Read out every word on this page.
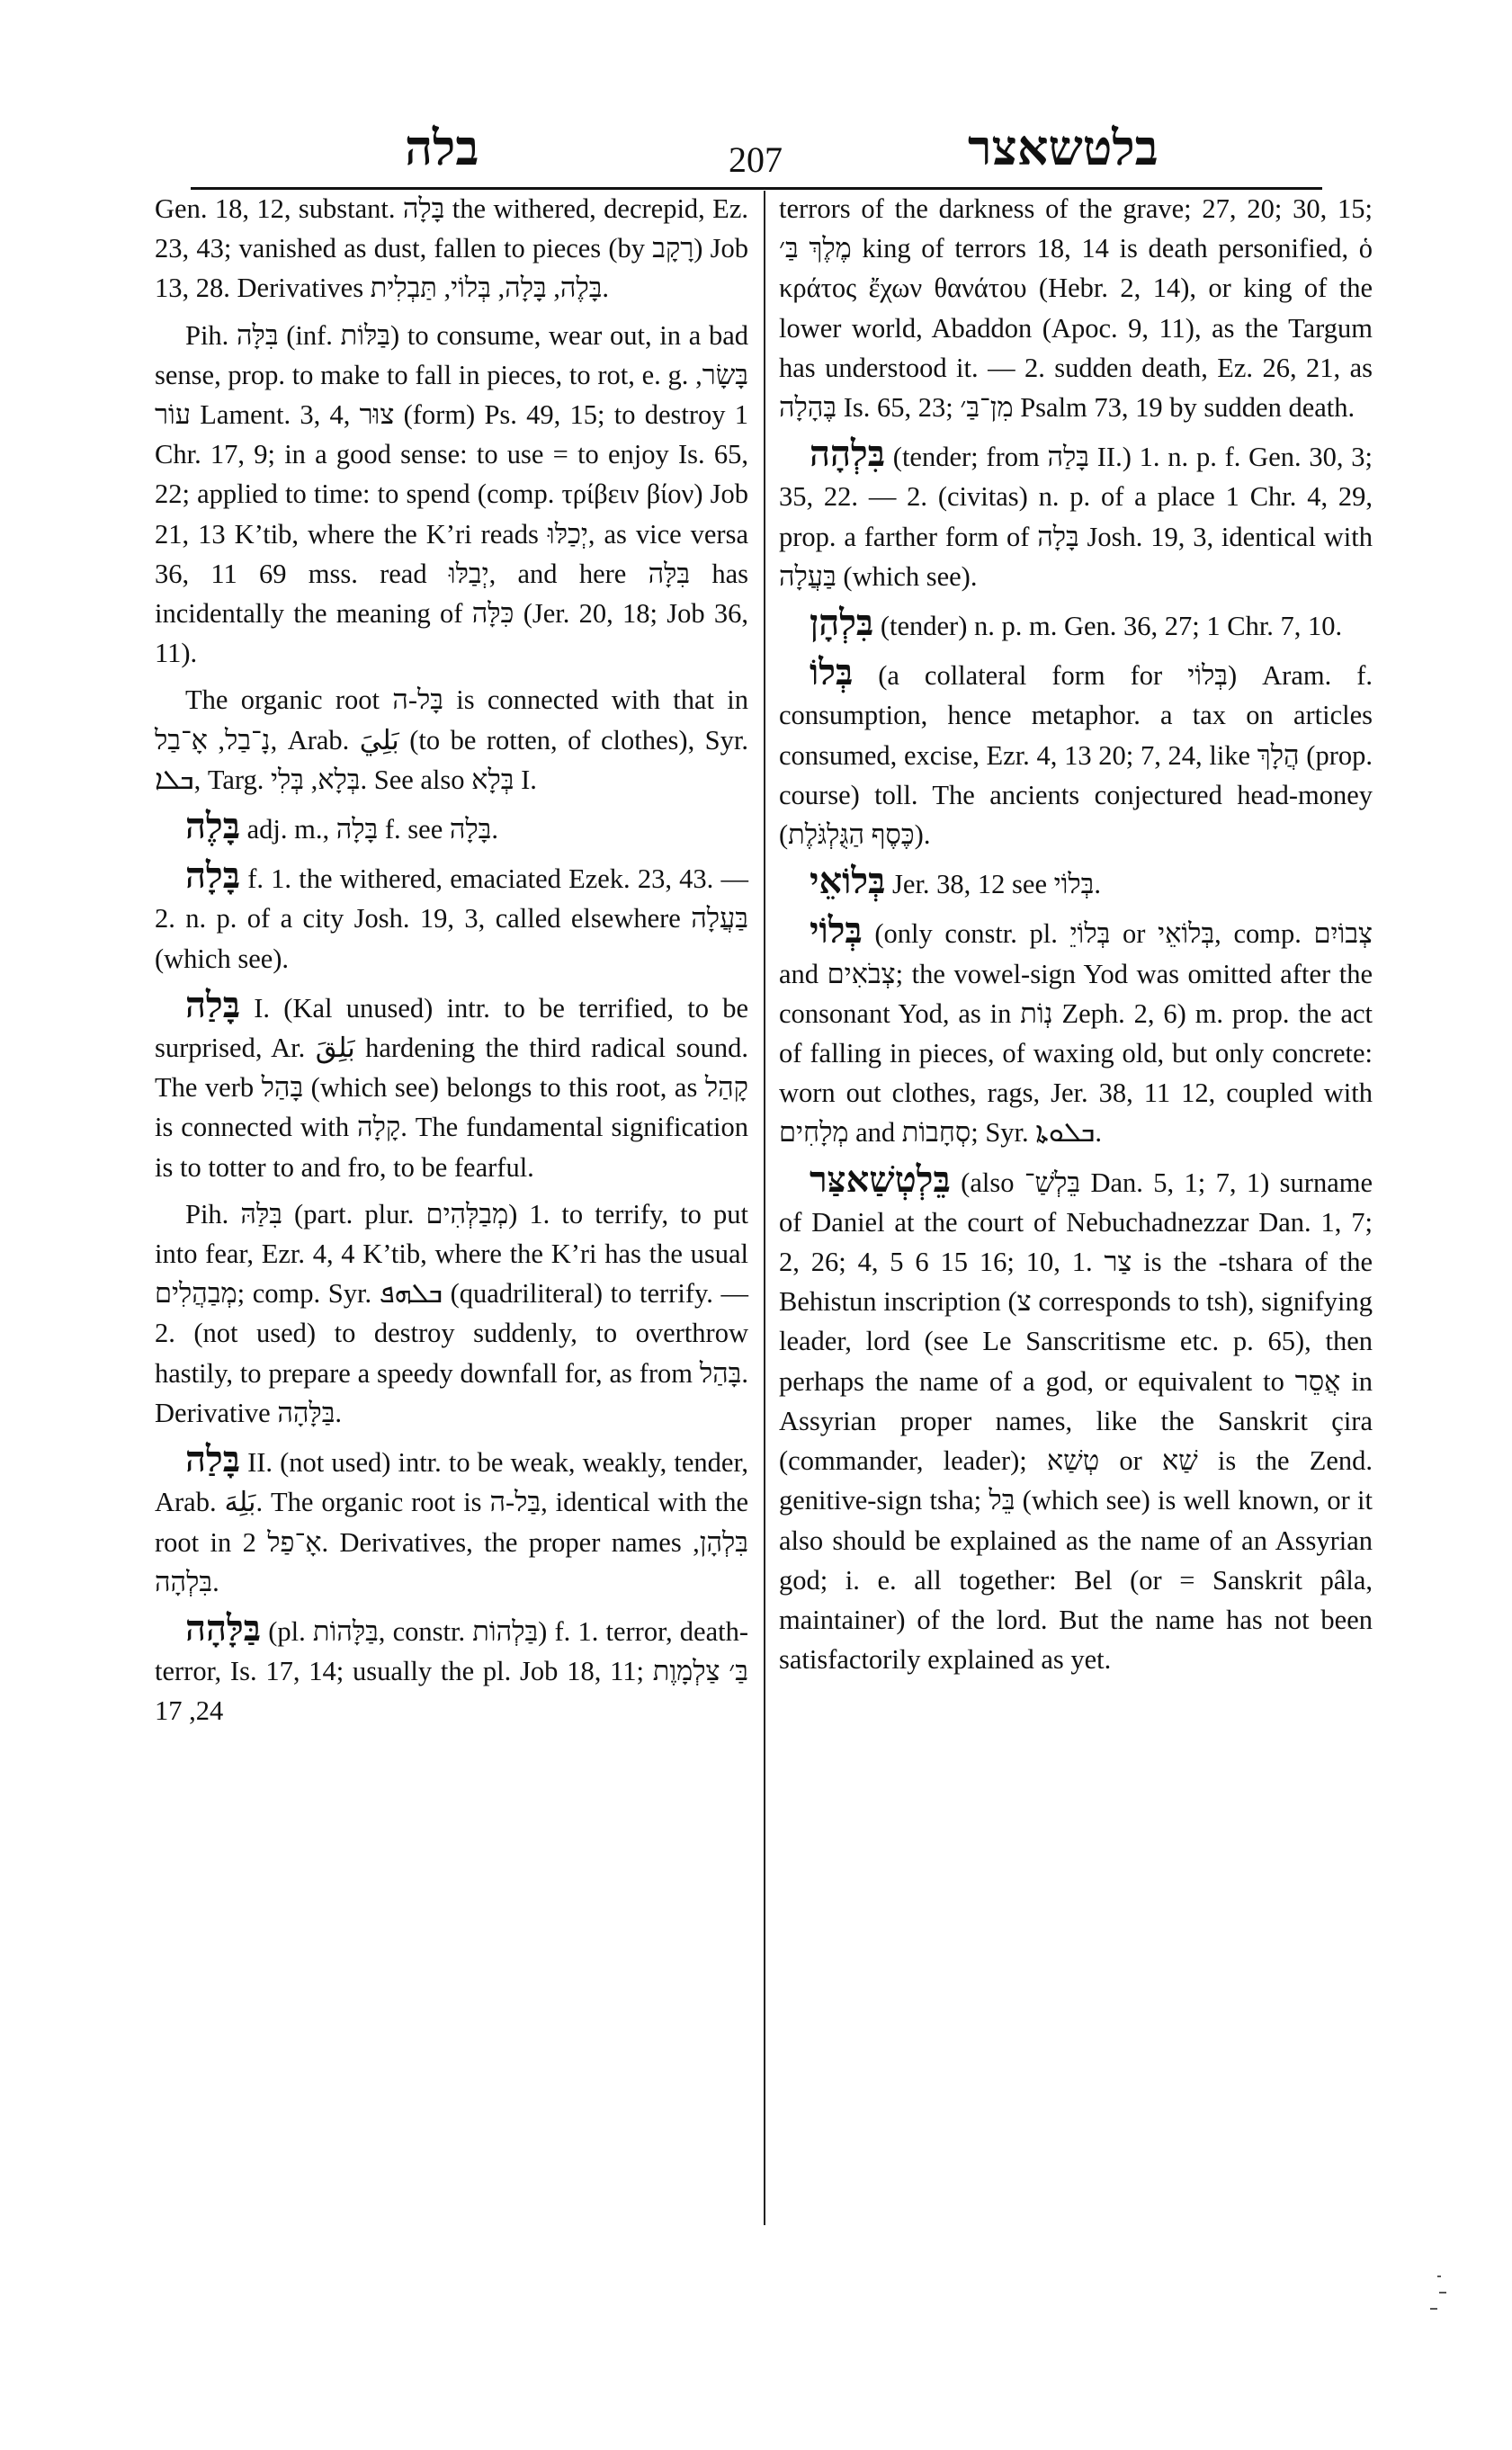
בלה	207	בלטשאצר

Gen. 18, 12, substant. בָּלָה the withered, decrepid, Ez. 23, 43; vanished as dust, fallen to pieces (by רָקָב) Job 13, 28. Derivatives בָּלֶה, בָּלָה, בְּלוֹי, תַּבְלִית.

Pih. בִּלָּה (inf. בַּלּוֹת) to consume, wear out, in a bad sense, prop. to make to fall in pieces, to rot, e. g. בָּשָׂר, עוֹר Lament. 3, 4, צוּר (form) Ps. 49, 15; to destroy 1 Chr. 17, 9; in a good sense: to use = to enjoy Is. 65, 22; applied to time: to spend (comp. τρίβειν βίον) Job 21, 13 K’tib, where the K’ri reads יְכַלּוּ, as vice versa 36, 11 69 mss. read יְבַלּוּ, and here בִּלָּה has incidentally the meaning of כִּלָּה (Jer. 20, 18; Job 36, 11).

The organic root בָּל-ה is connected with that in נָ־בַל, אָ־בַל, Arab. بَلِيَ (to be rotten, of clothes), Syr. ܒܠܐ, Targ. בְּלָא, בְּלִי. See also בְּלָא I.

בָּלֶה adj. m., בָּלָה f. see בָּלָה.

בָּלָה f. 1. the withered, emaciated Ezek. 23, 43. — 2. n. p. of a city Josh. 19, 3, called elsewhere בַּעֲלָה (which see).

בָּלַה I. (Kal unused) intr. to be terrified, to be surprised, Ar. بَلِقَ hardening the third radical sound. The verb בָּהַל (which see) belongs to this root, as קָהַל is connected with קָלָה. The fundamental signification is to totter to and fro, to be fearful.

Pih. בִּלַּהּ (part. plur. מְבַלְּהִים) 1. to terrify, to put into fear, Ezr. 4, 4 K’tib, where the K’ri has the usual מְבַהֲלִים; comp. Syr. ܒܠܗܦ (quadriliteral) to terrify. — 2. (not used) to destroy suddenly, to overthrow hastily, to prepare a speedy downfall for, as from בָּהַל. Derivative בַּלָּהָה.

בָּלַה II. (not used) intr. to be weak, weakly, tender, Arab. بَلِهَ. The organic root is בַּל-ה, identical with the root in אָ־פַל 2. Derivatives, the proper names בִּלְהָן, בִּלְהָה.

בַּלָּהָה (pl. בַּלָּהוֹת, constr. בַּלְהוֹת) f. 1. terror, death-terror, Is. 17, 14; usually the pl. Job 18, 11; בַּ׳ צַלְמָוֶת 24, 17

terrors of the darkness of the grave; 27, 20; 30, 15; מֶלֶךְ בַּ׳ king of terrors 18, 14 is death personified, ὁ κράτος ἔχων θανάτου (Hebr. 2, 14), or king of the lower world, Abaddon (Apoc. 9, 11), as the Targum has understood it. — 2. sudden death, Ez. 26, 21, as בֶּהָלָה Is. 65, 23; מִן־בַּ׳ Psalm 73, 19 by sudden death.

בִּלְהָה (tender; from בָּלַה II.) 1. n. p. f. Gen. 30, 3; 35, 22. — 2. (civitas) n. p. of a place 1 Chr. 4, 29, prop. a farther form of בָּלָה Josh. 19, 3, identical with בַּעֲלָה (which see).

בִּלְהָן (tender) n. p. m. Gen. 36, 27; 1 Chr. 7, 10.

בְּלוֹ (a collateral form for בְּלוֹי) Aram. f. consumption, hence metaphor. a tax on articles consumed, excise, Ezr. 4, 13 20; 7, 24, like הֲלָךְ (prop. course) toll. The ancients conjectured head-money (כֶּסֶף הַגֻּלְגֹּלֶת).

בְּלוֹאֵי Jer. 38, 12 see בְּלוֹי.

בְּלוֹי (only constr. pl. בְּלוֹיֵ or בְּלוֹאֵי, comp. צְבוֹיִם and צְבֹאִים; the vowel-sign Yod was omitted after the consonant Yod, as in נְוֹת Zeph. 2, 6) m. prop. the act of falling in pieces, of waxing old, but only concrete: worn out clothes, rags, Jer. 38, 11 12, coupled with מְלָחִים and סְחָבוֹת; Syr. ܒܠܘܬܐ.

בֵּלְטְשַׁאצַּר (also בֵּלְשַׁ־ Dan. 5, 1; 7, 1) surname of Daniel at the court of Nebuchadnezzar Dan. 1, 7; 2, 26; 4, 5 6 15 16; 10, 1. צַר is the -tshara of the Behistun inscription (צ corresponds to tsh), signifying leader, lord (see Le Sanscritisme etc. p. 65), then perhaps the name of a god, or equivalent to אֲסֵר in Assyrian proper names, like the Sanskrit çira (commander, leader); טְשַׁא or שַׁא is the Zend. genitive-sign tsha; בֵּל (which see) is well known, or it also should be explained as the name of an Assyrian god; i. e. all together: Bel (or = Sanskrit pâla, maintainer) of the lord. But the name has not been satisfactorily explained as yet.
